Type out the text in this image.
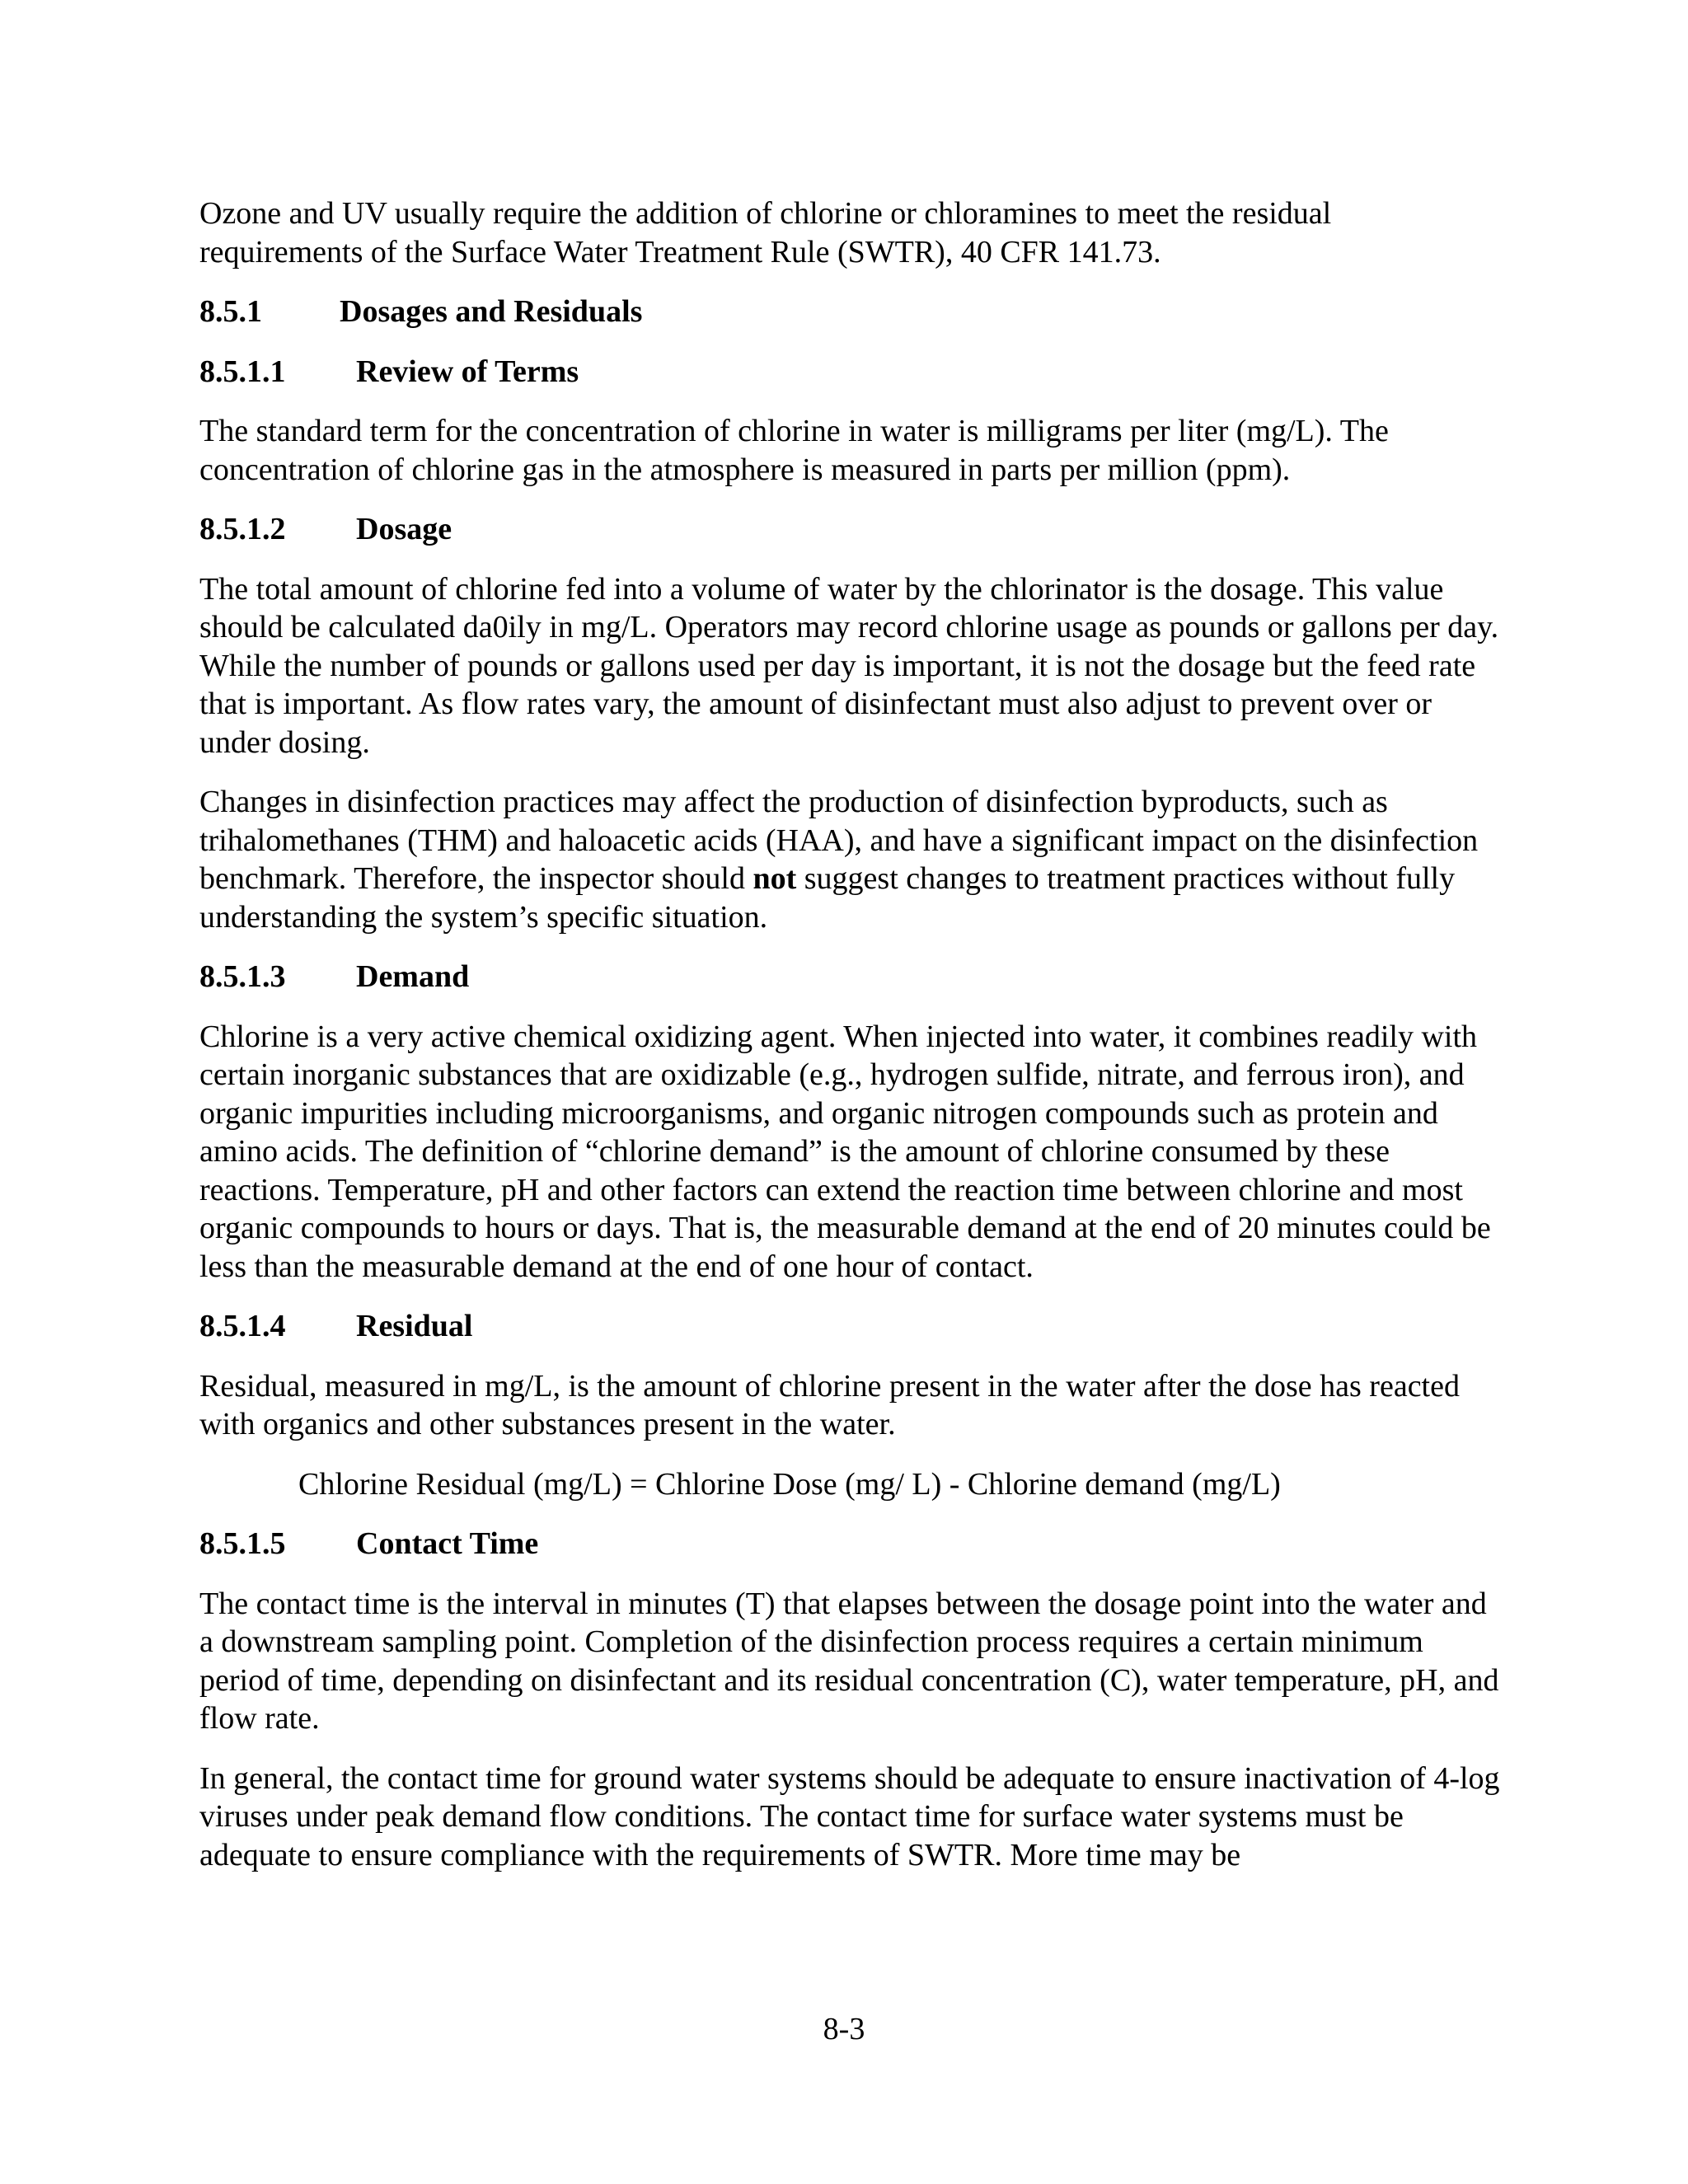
Ozone and UV usually require the addition of chlorine or chloramines to meet the residual requirements of the Surface Water Treatment Rule (SWTR), 40 CFR 141.73.

8.5.1	Dosages and Residuals
8.5.1.1	Review of Terms

The standard term for the concentration of chlorine in water is milligrams per liter (mg/L). The concentration of chlorine gas in the atmosphere is measured in parts per million (ppm).

8.5.1.2	Dosage

The total amount of chlorine fed into a volume of water by the chlorinator is the dosage. This value should be calculated da0ily in mg/L. Operators may record chlorine usage as pounds or gallons per day. While the number of pounds or gallons used per day is important, it is not the dosage but the feed rate that is important. As flow rates vary, the amount of disinfectant must also adjust to prevent over or under dosing.

Changes in disinfection practices may affect the production of disinfection byproducts, such as trihalomethanes (THM) and haloacetic acids (HAA), and have a significant impact on the disinfection benchmark. Therefore, the inspector should not suggest changes to treatment practices without fully understanding the system’s specific situation.

8.5.1.3	Demand

Chlorine is a very active chemical oxidizing agent. When injected into water, it combines readily with certain inorganic substances that are oxidizable (e.g., hydrogen sulfide, nitrate, and ferrous iron), and organic impurities including microorganisms, and organic nitrogen compounds such as protein and amino acids. The definition of “chlorine demand” is the amount of chlorine consumed by these reactions. Temperature, pH and other factors can extend the reaction time between chlorine and most organic compounds to hours or days. That is, the measurable demand at the end of 20 minutes could be less than the measurable demand at the end of one hour of contact.

8.5.1.4	Residual

Residual, measured in mg/L, is the amount of chlorine present in the water after the dose has reacted with organics and other substances present in the water.

Chlorine Residual (mg/L) = Chlorine Dose (mg/ L) - Chlorine demand (mg/L)
8.5.1.5	Contact Time

The contact time is the interval in minutes (T) that elapses between the dosage point into the water and a downstream sampling point. Completion of the disinfection process requires a certain minimum period of time, depending on disinfectant and its residual concentration (C), water temperature, pH, and flow rate.

In general, the contact time for ground water systems should be adequate to ensure inactivation of 4-log viruses under peak demand flow conditions. The contact time for surface water systems must be adequate to ensure compliance with the requirements of SWTR. More time may be

8-3
